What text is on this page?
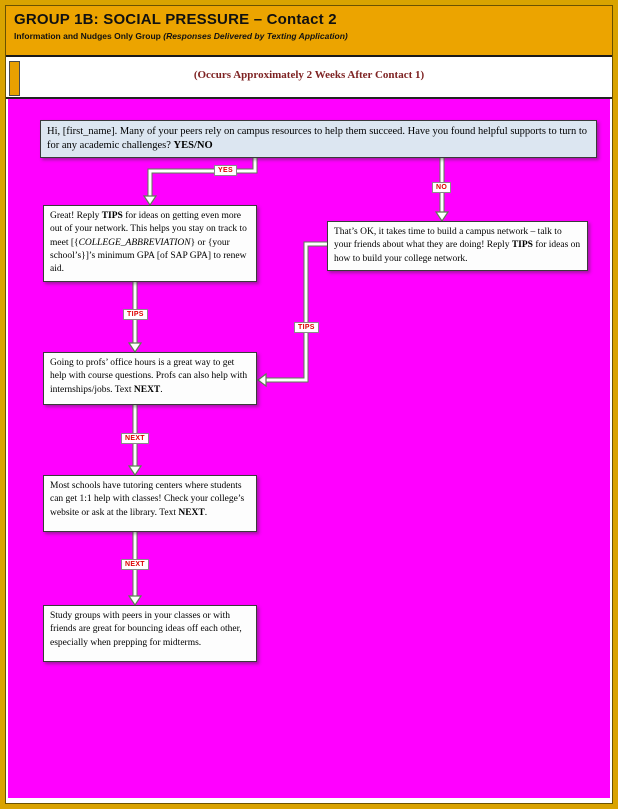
GROUP 1B: SOCIAL PRESSURE – Contact 2
Information and Nudges Only Group (Responses Delivered by Texting Application)
(Occurs Approximately 2 Weeks After Contact 1)
Hi, [first_name]. Many of your peers rely on campus resources to help them succeed. Have you found helpful supports to turn to for any academic challenges? YES/NO
Great! Reply TIPS for ideas on getting even more out of your network. This helps you stay on track to meet [{COLLEGE_ABBREVIATION} or {your school’s}]’s minimum GPA [of SAP GPA] to renew aid.
That’s OK, it takes time to build a campus network – talk to your friends about what they are doing! Reply TIPS for ideas on how to build your college network.
Going to profs’ office hours is a great way to get help with course questions. Profs can also help with internships/jobs. Text NEXT.
Most schools have tutoring centers where students can get 1:1 help with classes! Check your college’s website or ask at the library. Text NEXT.
Study groups with peers in your classes or with friends are great for bouncing ideas off each other, especially when prepping for midterms.
YES
NO
TIPS
TIPS
NEXT
NEXT
